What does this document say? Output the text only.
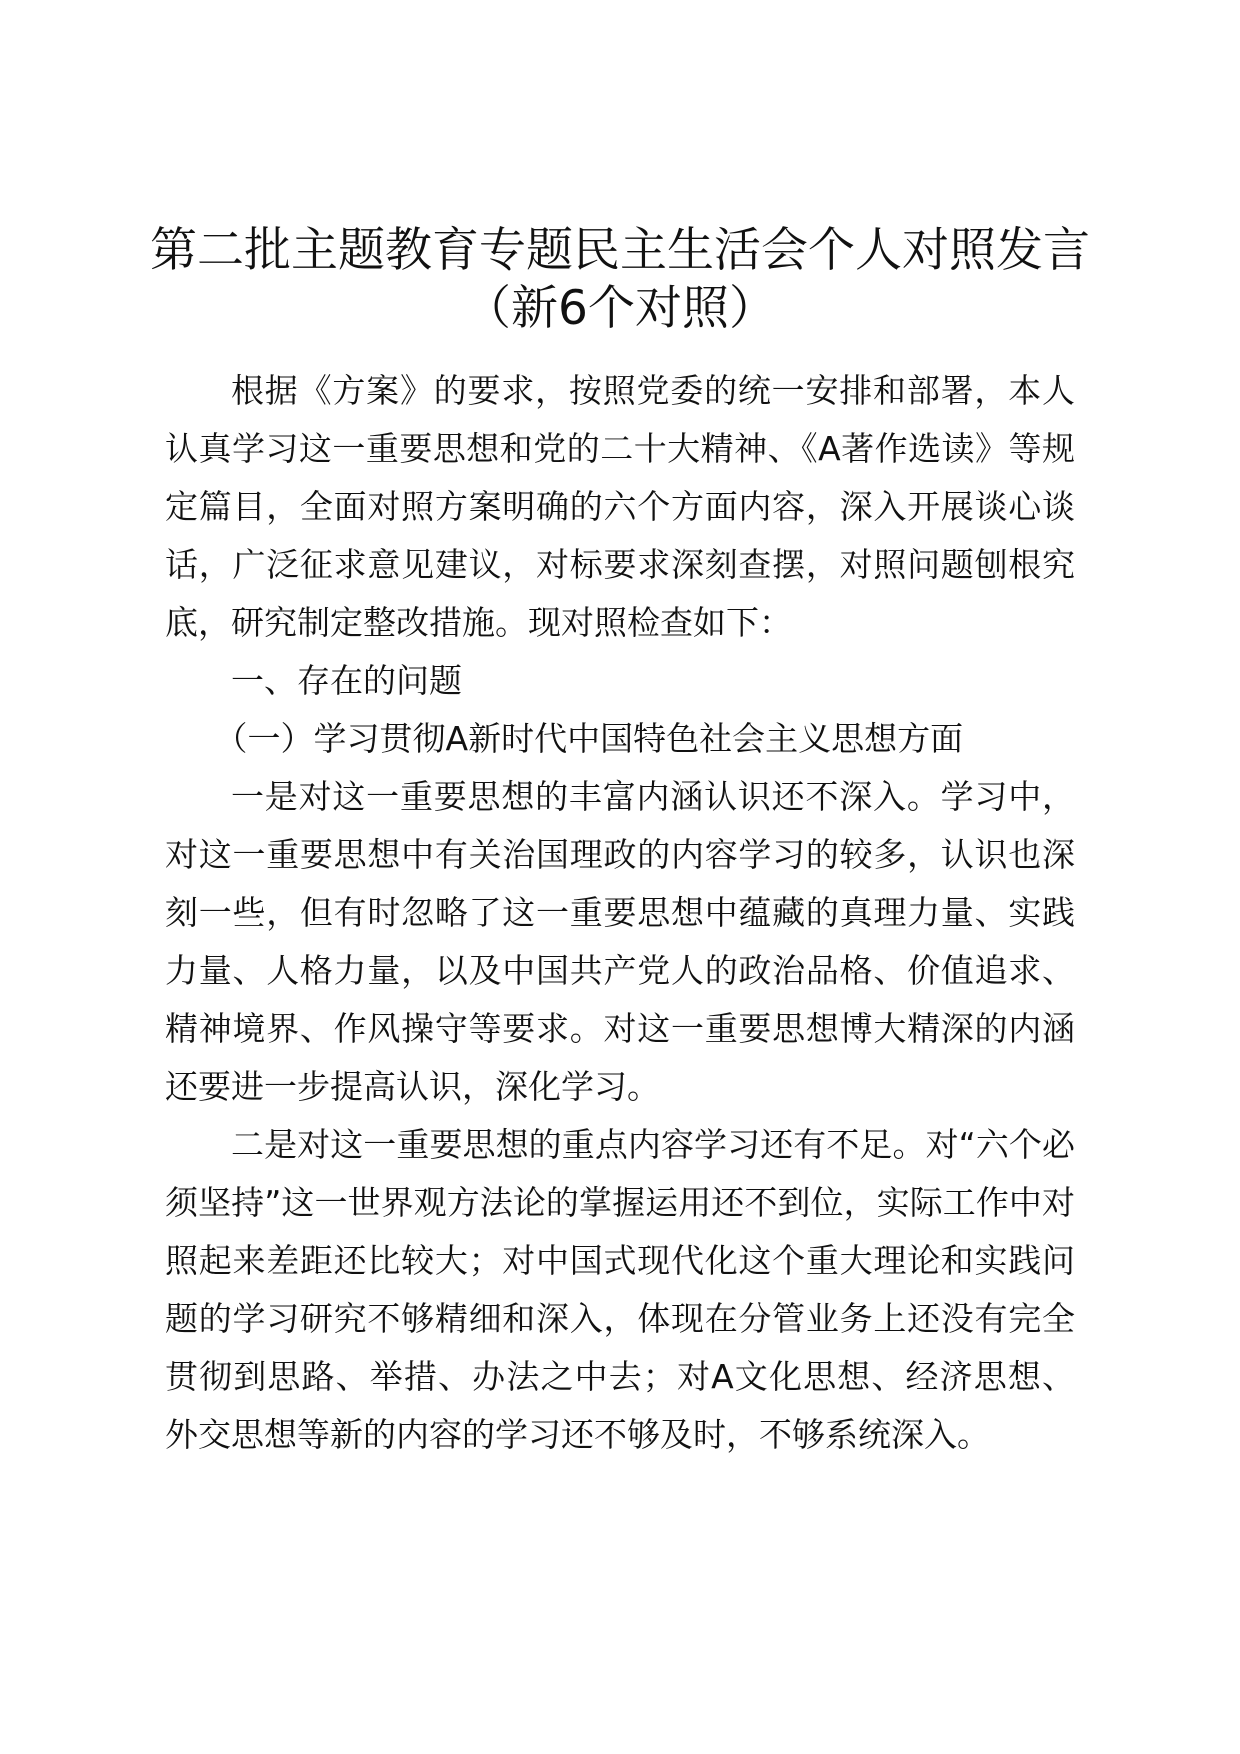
第二批主题教育专题民主生活会个人对照发言
（新6个对照）

根据《方案》的要求，按照党委的统一安排和部署，本人认真学习这一重要思想和党的二十大精神、《A著作选读》等规定篇目，全面对照方案明确的六个方面内容，深入开展谈心谈话，广泛征求意见建议，对标要求深刻查摆，对照问题刨根究底，研究制定整改措施。现对照检查如下：

一、存在的问题

（一）学习贯彻A新时代中国特色社会主义思想方面

一是对这一重要思想的丰富内涵认识还不深入。学习中，对这一重要思想中有关治国理政的内容学习的较多，认识也深刻一些，但有时忽略了这一重要思想中蕴藏的真理力量、实践力量、人格力量，以及中国共产党人的政治品格、价值追求、精神境界、作风操守等要求。对这一重要思想博大精深的内涵还要进一步提高认识，深化学习。

二是对这一重要思想的重点内容学习还有不足。对“六个必须坚持”这一世界观方法论的掌握运用还不到位，实际工作中对照起来差距还比较大；对中国式现代化这个重大理论和实践问题的学习研究不够精细和深入，体现在分管业务上还没有完全贯彻到思路、举措、办法之中去；对A文化思想、经济思想、外交思想等新的内容的学习还不够及时，不够系统深入。
